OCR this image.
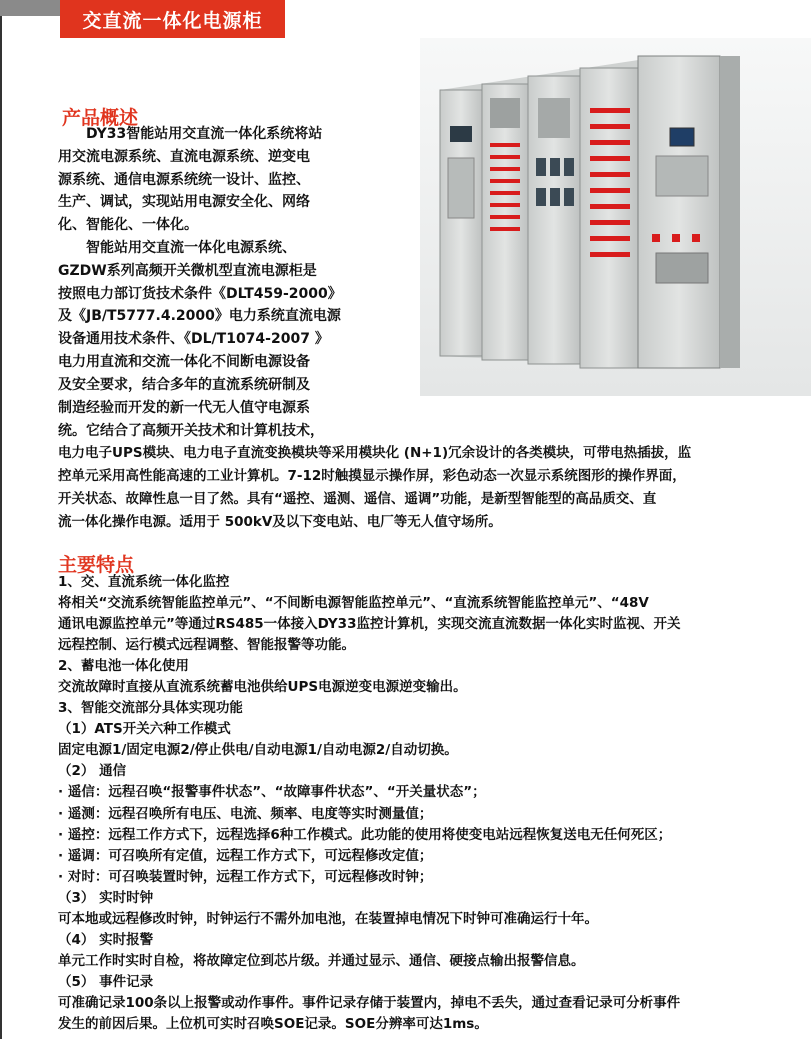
交直流一体化电源柜
产品概述

DY33智能站用交直流一体化系统将站

用交流电源系统、直流电源系统、逆变电

源系统、通信电源系统统一设计、监控、

生产、调试，实现站用电源安全化、网络

化、智能化、一体化。

智能站用交直流一体化电源系统、

GZDW系列高频开关微机型直流电源柜是

按照电力部订货技术条件《DLT459-2000》

及《JB/T5777.4.2000》电力系统直流电源

设备通用技术条件、《DL/T1074-2007 》

电力用直流和交流一体化不间断电源设备

及安全要求，结合多年的直流系统研制及

制造经验而开发的新一代无人值守电源系

统。它结合了高频开关技术和计算机技术，

电力电子UPS模块、电力电子直流变换模块等采用模块化 (N+1)冗余设计的各类模块，可带电热插拔，监

控单元采用高性能高速的工业计算机。7-12时触摸显示操作屏，彩色动态一次显示系统图形的操作界面，

开关状态、故障性息一目了然。具有“遥控、遥测、遥信、遥调”功能，是新型智能型的高品质交、直

流一体化操作电源。适用于 500kV及以下变电站、电厂等无人值守场所。

主要特点

1、交、直流系统一体化监控

将相关“交流系统智能监控单元”、“不间断电源智能监控单元”、“直流系统智能监控单元”、“48V

通讯电源监控单元”等通过RS485一体接入DY33监控计算机，实现交流直流数据一体化实时监视、开关

远程控制、运行模式远程调整、智能报警等功能。

2、蓄电池一体化使用

交流故障时直接从直流系统蓄电池供给UPS电源逆变电源逆变输出。

3、智能交流部分具体实现功能

（1）ATS开关六种工作模式

固定电源1/固定电源2/停止供电/自动电源1/自动电源2/自动切换。

（2） 通信

· 遥信：远程召唤“报警事件状态”、“故障事件状态”、“开关量状态”；

· 遥测：远程召唤所有电压、电流、频率、电度等实时测量值；

· 遥控：远程工作方式下，远程选择6种工作模式。此功能的使用将使变电站远程恢复送电无任何死区；

· 遥调：可召唤所有定值，远程工作方式下，可远程修改定值；

· 对时：可召唤装置时钟，远程工作方式下，可远程修改时钟；

（3） 实时时钟

可本地或远程修改时钟，时钟运行不需外加电池，在装置掉电情况下时钟可准确运行十年。

（4） 实时报警

单元工作时实时自检，将故障定位到芯片级。并通过显示、通信、硬接点输出报警信息。

（5） 事件记录

可准确记录100条以上报警或动作事件。事件记录存储于装置内，掉电不丢失，通过查看记录可分析事件

发生的前因后果。上位机可实时召唤SOE记录。SOE分辨率可达1ms。
